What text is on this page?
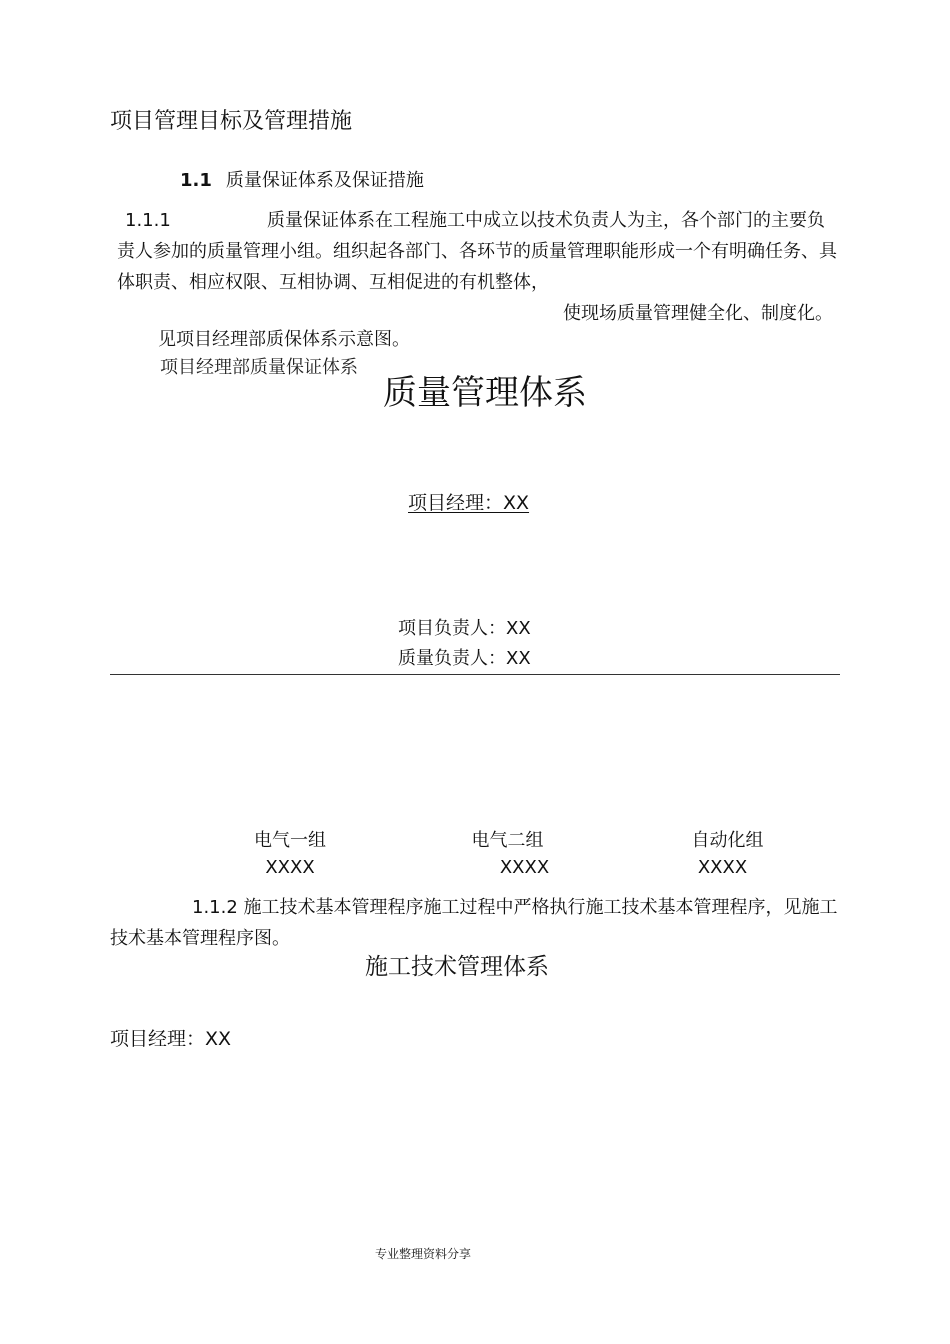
项目管理目标及管理措施
1.1 质量保证体系及保证措施
1.1.1	质量保证体系在工程施工中成立以技术负责人为主，各个部门的主要负责人参加的质量管理小组。组织起各部门、各环节的质量管理职能形成一个有明确任务、具体职责、相应权限、互相协调、互相促进的有机整体，
使现场质量管理健全化、制度化。
见项目经理部质保体系示意图。
项目经理部质量保证体系
质量管理体系
项目经理：XX
项目负责人：XX
质量负责人：XX
电气一组	电气二组	自动化组
XXXX	XXXX	XXXX
1.1.2 施工技术基本管理程序施工过程中严格执行施工技术基本管理程序，见施工技术基本管理程序图。
施工技术管理体系
项目经理：XX
专业整理资料分享
